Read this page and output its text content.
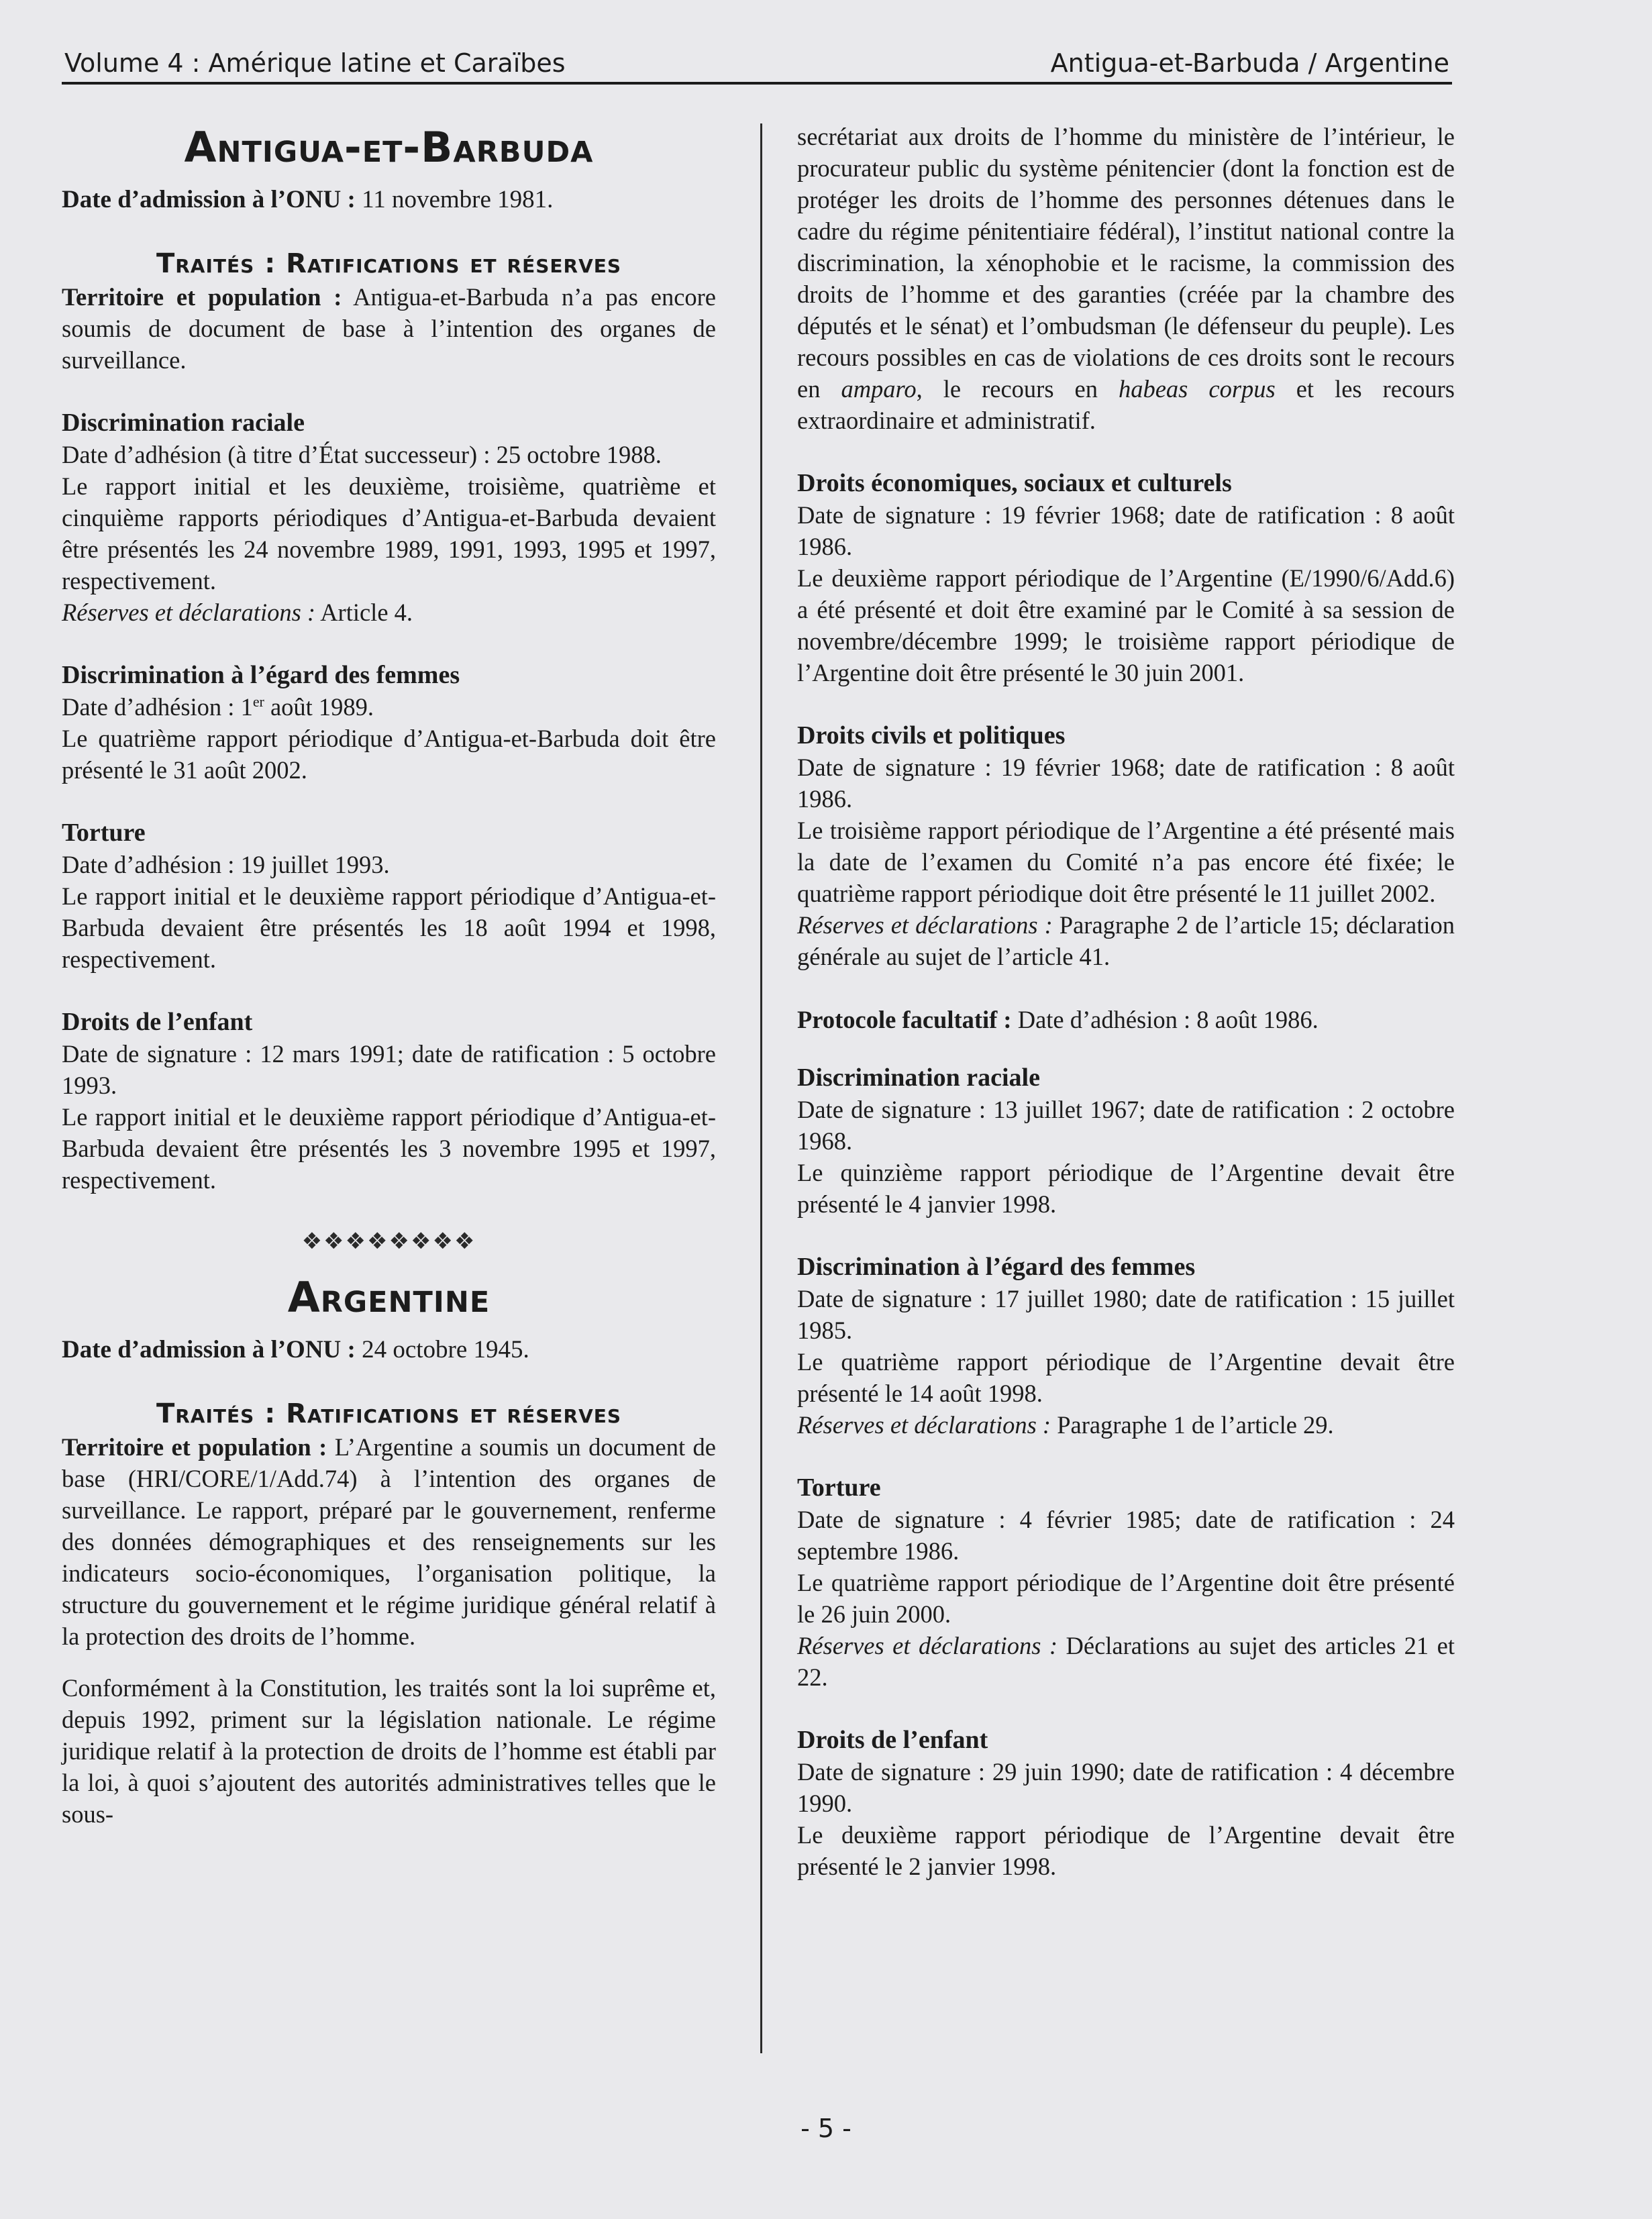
Volume 4 : Amérique latine et Caraïbes	Antigua-et-Barbuda / Argentine
Antigua-et-Barbuda

Date d’admission à l’ONU : 11 novembre 1981.

Traités : Ratifications et réserves

Territoire et population : Antigua-et-Barbuda n’a pas encore soumis de document de base à l’intention des organes de surveillance.

Discrimination raciale

Date d’adhésion (à titre d’État successeur) : 25 octobre 1988.

Le rapport initial et les deuxième, troisième, quatrième et cinquième rapports périodiques d’Antigua-et-Barbuda devaient être présentés les 24 novembre 1989, 1991, 1993, 1995 et 1997, respectivement.

Réserves et déclarations : Article 4.

Discrimination à l’égard des femmes

Date d’adhésion : 1er août 1989.

Le quatrième rapport périodique d’Antigua-et-Barbuda doit être présenté le 31 août 2002.

Torture

Date d’adhésion : 19 juillet 1993.

Le rapport initial et le deuxième rapport périodique d’Antigua-et-Barbuda devaient être présentés les 18 août 1994 et 1998, respectivement.

Droits de l’enfant

Date de signature : 12 mars 1991; date de ratification : 5 octobre 1993.

Le rapport initial et le deuxième rapport périodique d’Antigua-et-Barbuda devaient être présentés les 3 novembre 1995 et 1997, respectivement.

❖❖❖❖❖❖❖❖
Argentine

Date d’admission à l’ONU : 24 octobre 1945.

Traités : Ratifications et réserves

Territoire et population : L’Argentine a soumis un document de base (HRI/CORE/1/Add.74) à l’intention des organes de surveillance. Le rapport, préparé par le gouvernement, renferme des données démographiques et des renseignements sur les indicateurs socio-économiques, l’organisation politique, la structure du gouvernement et le régime juridique général relatif à la protection des droits de l’homme.

Conformément à la Constitution, les traités sont la loi suprême et, depuis 1992, priment sur la législation nationale. Le régime juridique relatif à la protection de droits de l’homme est établi par la loi, à quoi s’ajoutent des autorités administratives telles que le sous-

secrétariat aux droits de l’homme du ministère de l’intérieur, le procurateur public du système pénitencier (dont la fonction est de protéger les droits de l’homme des personnes détenues dans le cadre du régime pénitentiaire fédéral), l’institut national contre la discrimination, la xénophobie et le racisme, la commission des droits de l’homme et des garanties (créée par la chambre des députés et le sénat) et l’ombudsman (le défenseur du peuple). Les recours possibles en cas de violations de ces droits sont le recours en amparo, le recours en habeas corpus et les recours extraordinaire et administratif.

Droits économiques, sociaux et culturels

Date de signature : 19 février 1968; date de ratification : 8 août 1986.

Le deuxième rapport périodique de l’Argentine (E/1990/6/Add.6) a été présenté et doit être examiné par le Comité à sa session de novembre/décembre 1999; le troisième rapport périodique de l’Argentine doit être présenté le 30 juin 2001.

Droits civils et politiques

Date de signature : 19 février 1968; date de ratification : 8 août 1986.

Le troisième rapport périodique de l’Argentine a été présenté mais la date de l’examen du Comité n’a pas encore été fixée; le quatrième rapport périodique doit être présenté le 11 juillet 2002.

Réserves et déclarations : Paragraphe 2 de l’article 15; déclaration générale au sujet de l’article 41.

Protocole facultatif : Date d’adhésion : 8 août 1986.

Discrimination raciale

Date de signature : 13 juillet 1967; date de ratification : 2 octobre 1968.

Le quinzième rapport périodique de l’Argentine devait être présenté le 4 janvier 1998.

Discrimination à l’égard des femmes

Date de signature : 17 juillet 1980; date de ratification : 15 juillet 1985.

Le quatrième rapport périodique de l’Argentine devait être présenté le 14 août 1998.

Réserves et déclarations : Paragraphe 1 de l’article 29.

Torture

Date de signature : 4 février 1985; date de ratification : 24 septembre 1986.

Le quatrième rapport périodique de l’Argentine doit être présenté le 26 juin 2000.

Réserves et déclarations : Déclarations au sujet des articles 21 et 22.

Droits de l’enfant

Date de signature : 29 juin 1990; date de ratification : 4 décembre 1990.

Le deuxième rapport périodique de l’Argentine devait être présenté le 2 janvier 1998.

- 5 -
